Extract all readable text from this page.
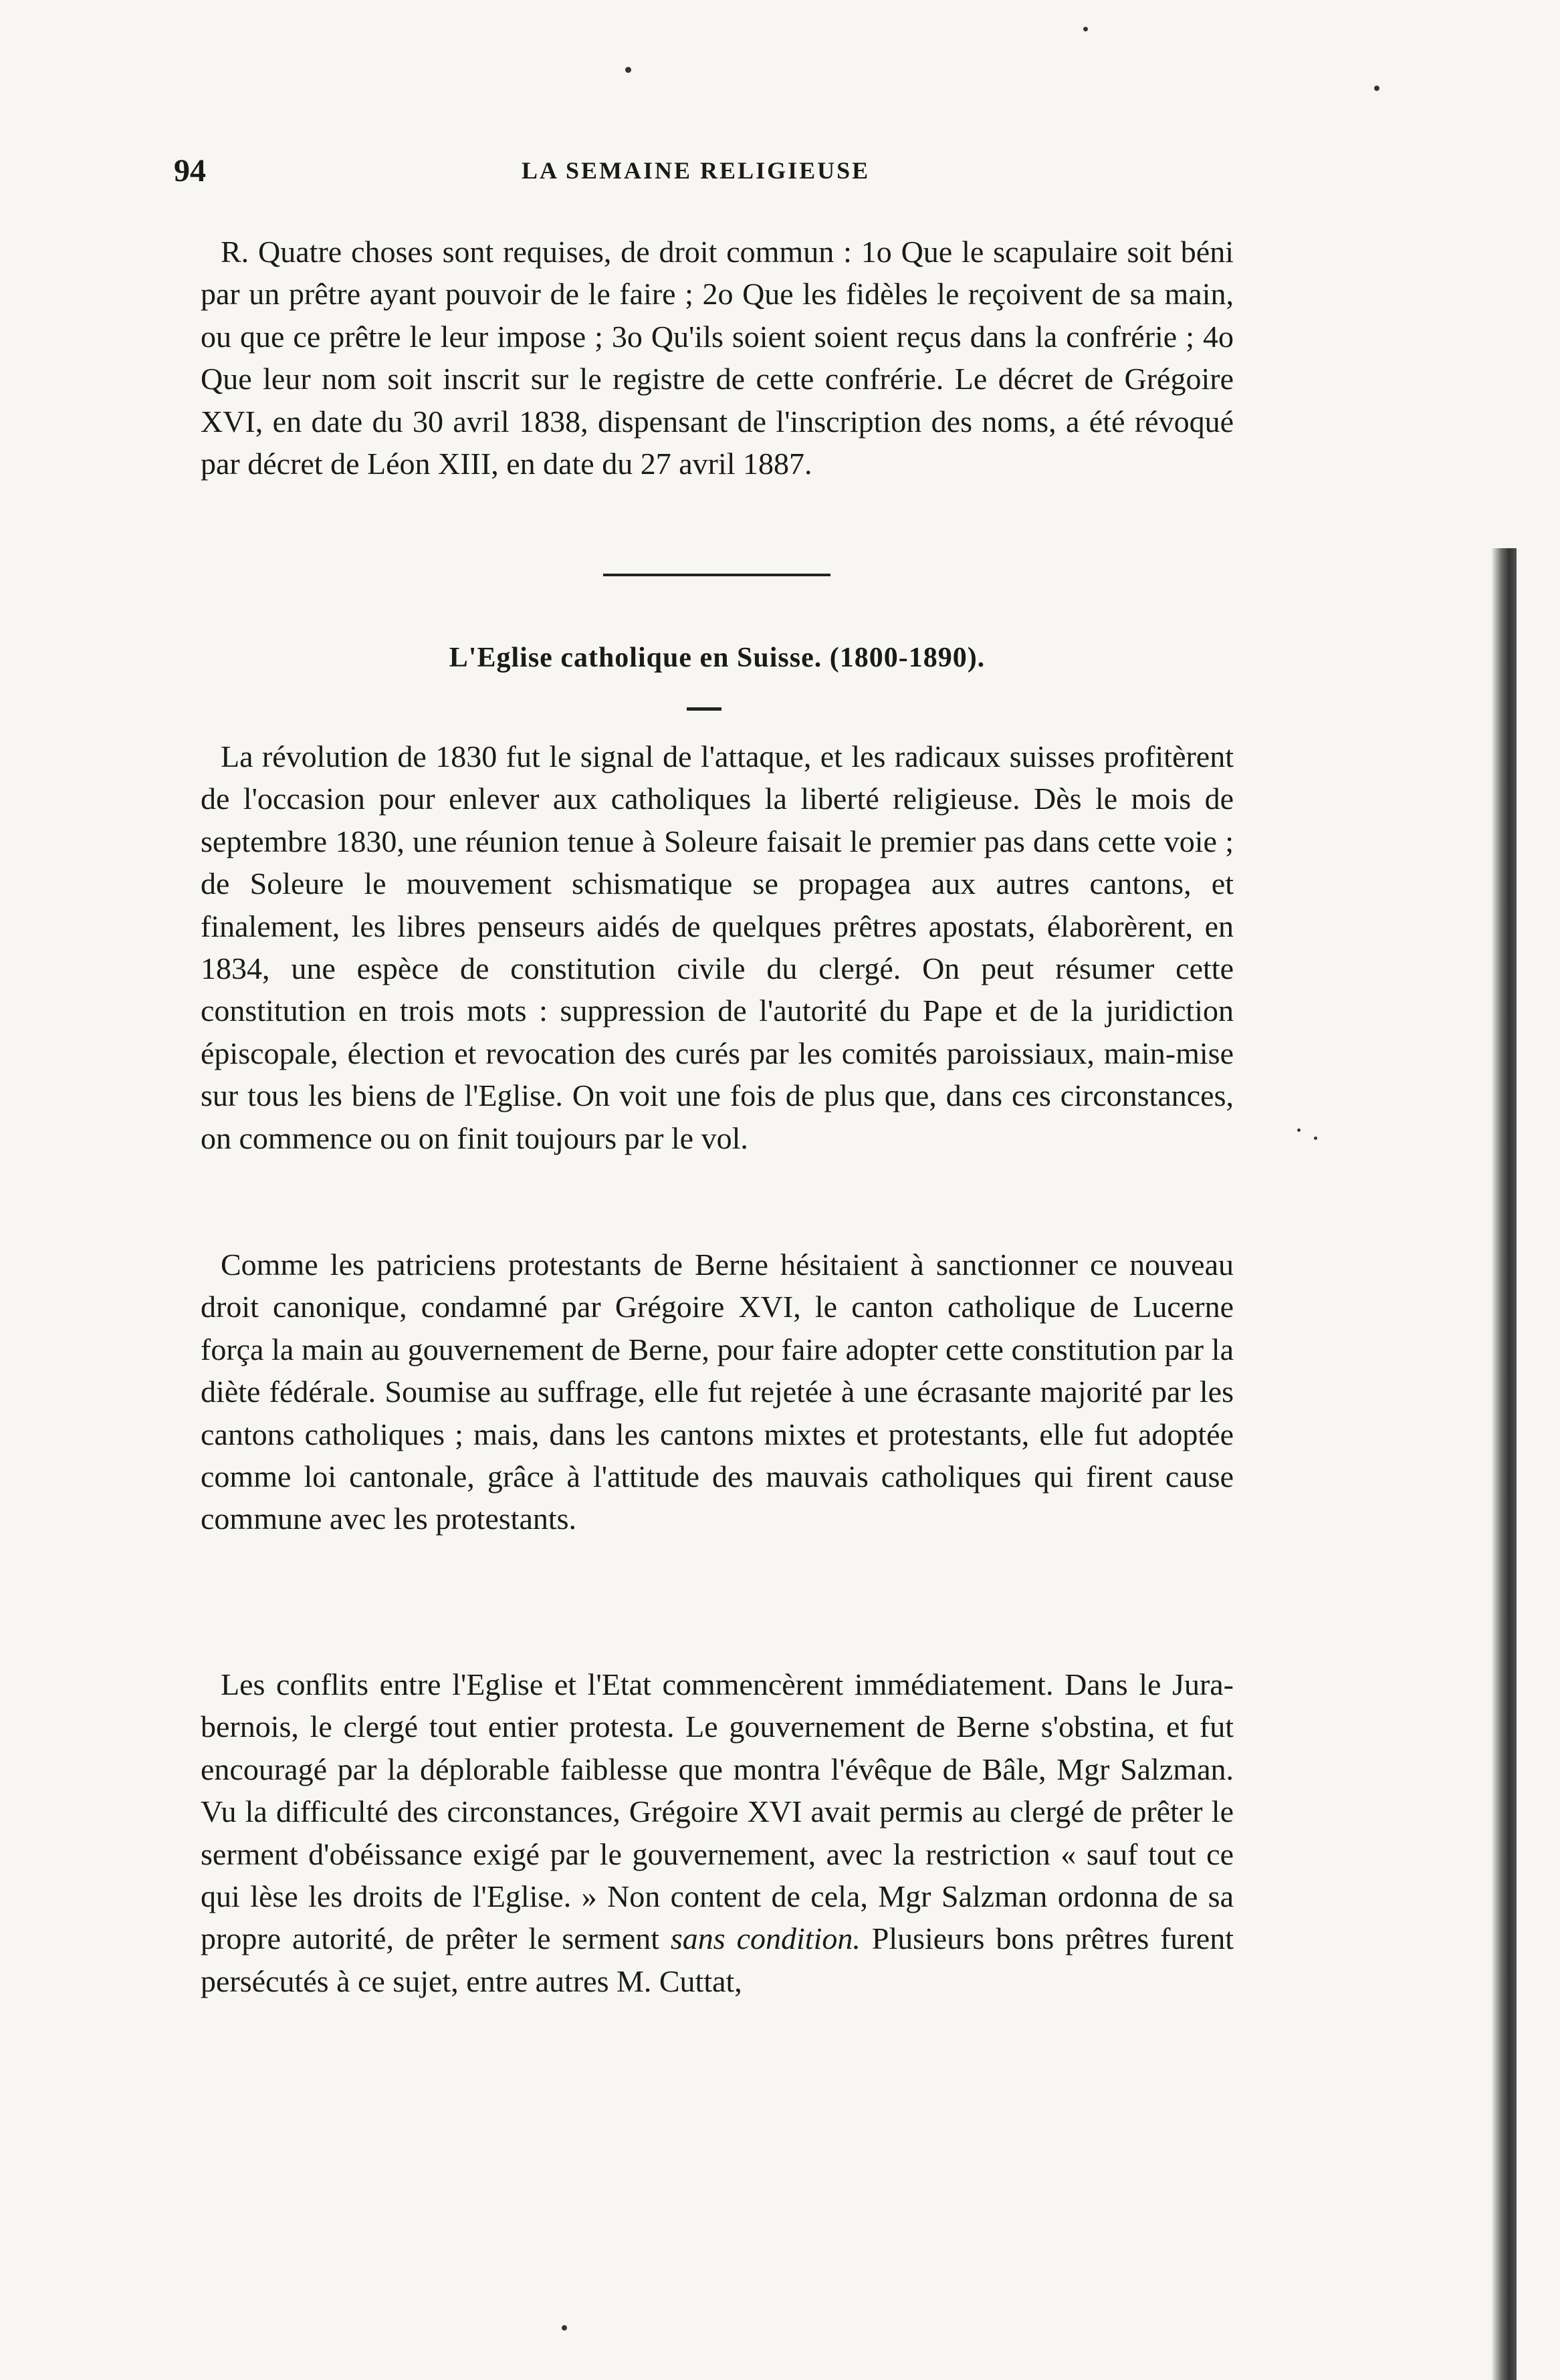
94	LA SEMAINE RELIGIEUSE

R. Quatre choses sont requises, de droit commun : 1o Que le scapulaire soit béni par un prêtre ayant pouvoir de le faire ; 2o Que les fidèles le reçoivent de sa main, ou que ce prêtre le leur impose ; 3o Qu'ils soient soient reçus dans la confrérie ; 4o Que leur nom soit inscrit sur le registre de cette confrérie. Le décret de Grégoire XVI, en date du 30 avril 1838, dispensant de l'inscription des noms, a été révoqué par décret de Léon XIII, en date du 27 avril 1887.

L'Eglise catholique en Suisse. (1800-1890).

La révolution de 1830 fut le signal de l'attaque, et les radicaux suisses profitèrent de l'occasion pour enlever aux catholiques la liberté religieuse. Dès le mois de septembre 1830, une réunion tenue à Soleure faisait le premier pas dans cette voie ; de Soleure le mouvement schismatique se propagea aux autres cantons, et finalement, les libres penseurs aidés de quelques prêtres apostats, élaborèrent, en 1834, une espèce de constitution civile du clergé. On peut résumer cette constitution en trois mots : suppression de l'autorité du Pape et de la juridiction épiscopale, élection et revocation des curés par les comités paroissiaux, main-mise sur tous les biens de l'Eglise. On voit une fois de plus que, dans ces circonstances, on commence ou on finit toujours par le vol.

Comme les patriciens protestants de Berne hésitaient à sanctionner ce nouveau droit canonique, condamné par Grégoire XVI, le canton catholique de Lucerne força la main au gouvernement de Berne, pour faire adopter cette constitution par la diète fédérale. Soumise au suffrage, elle fut rejetée à une écrasante majorité par les cantons catholiques ; mais, dans les cantons mixtes et protestants, elle fut adoptée comme loi cantonale, grâce à l'attitude des mauvais catholiques qui firent cause commune avec les protestants.

Les conflits entre l'Eglise et l'Etat commencèrent immédiatement. Dans le Jura-bernois, le clergé tout entier protesta. Le gouvernement de Berne s'obstina, et fut encouragé par la déplorable faiblesse que montra l'évêque de Bâle, Mgr Salzman. Vu la difficulté des circonstances, Grégoire XVI avait permis au clergé de prêter le serment d'obéissance exigé par le gouvernement, avec la restriction « sauf tout ce qui lèse les droits de l'Eglise. » Non content de cela, Mgr Salzman ordonna de sa propre autorité, de prêter le serment sans condition. Plusieurs bons prêtres furent persécutés à ce sujet, entre autres M. Cuttat,
